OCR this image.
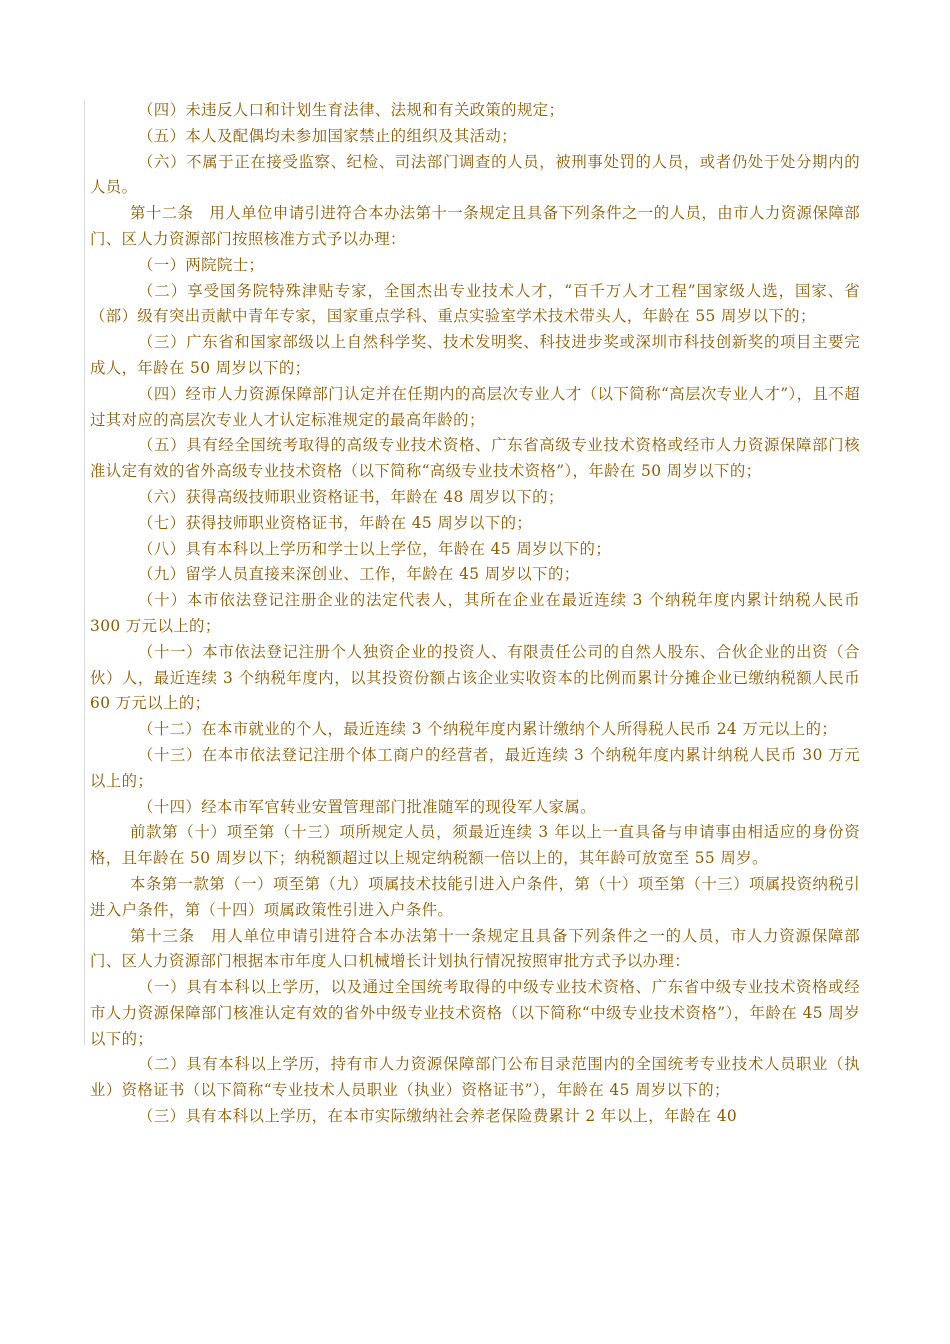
（四）未违反人口和计划生育法律、法规和有关政策的规定；

（五）本人及配偶均未参加国家禁止的组织及其活动；

（六）不属于正在接受监察、纪检、司法部门调查的人员，被刑事处罚的人员，或者仍处于处分期内的人员。

第十二条　用人单位申请引进符合本办法第十一条规定且具备下列条件之一的人员，由市人力资源保障部门、区人力资源部门按照核准方式予以办理：

（一）两院院士；

（二）享受国务院特殊津贴专家，全国杰出专业技术人才，“百千万人才工程”国家级人选，国家、省（部）级有突出贡献中青年专家，国家重点学科、重点实验室学术技术带头人，年龄在 55 周岁以下的；

（三）广东省和国家部级以上自然科学奖、技术发明奖、科技进步奖或深圳市科技创新奖的项目主要完成人，年龄在 50 周岁以下的；

（四）经市人力资源保障部门认定并在任期内的高层次专业人才（以下简称“高层次专业人才”），且不超过其对应的高层次专业人才认定标准规定的最高年龄的；

（五）具有经全国统考取得的高级专业技术资格、广东省高级专业技术资格或经市人力资源保障部门核准认定有效的省外高级专业技术资格（以下简称“高级专业技术资格”），年龄在 50 周岁以下的；

（六）获得高级技师职业资格证书，年龄在 48 周岁以下的；

（七）获得技师职业资格证书，年龄在 45 周岁以下的；

（八）具有本科以上学历和学士以上学位，年龄在 45 周岁以下的；

（九）留学人员直接来深创业、工作，年龄在 45 周岁以下的；

（十）本市依法登记注册企业的法定代表人，其所在企业在最近连续 3 个纳税年度内累计纳税人民币 300 万元以上的；

（十一）本市依法登记注册个人独资企业的投资人、有限责任公司的自然人股东、合伙企业的出资（合伙）人，最近连续 3 个纳税年度内，以其投资份额占该企业实收资本的比例而累计分摊企业已缴纳税额人民币 60 万元以上的；

（十二）在本市就业的个人，最近连续 3 个纳税年度内累计缴纳个人所得税人民币 24 万元以上的；

（十三）在本市依法登记注册个体工商户的经营者，最近连续 3 个纳税年度内累计纳税人民币 30 万元以上的；

（十四）经本市军官转业安置管理部门批准随军的现役军人家属。

前款第（十）项至第（十三）项所规定人员，须最近连续 3 年以上一直具备与申请事由相适应的身份资格，且年龄在 50 周岁以下；纳税额超过以上规定纳税额一倍以上的，其年龄可放宽至 55 周岁。

本条第一款第（一）项至第（九）项属技术技能引进入户条件，第（十）项至第（十三）项属投资纳税引进入户条件，第（十四）项属政策性引进入户条件。

第十三条　用人单位申请引进符合本办法第十一条规定且具备下列条件之一的人员，市人力资源保障部门、区人力资源部门根据本市年度人口机械增长计划执行情况按照审批方式予以办理：

（一）具有本科以上学历，以及通过全国统考取得的中级专业技术资格、广东省中级专业技术资格或经市人力资源保障部门核准认定有效的省外中级专业技术资格（以下简称“中级专业技术资格”），年龄在 45 周岁以下的；

（二）具有本科以上学历，持有市人力资源保障部门公布目录范围内的全国统考专业技术人员职业（执业）资格证书（以下简称“专业技术人员职业（执业）资格证书”），年龄在 45 周岁以下的；

（三）具有本科以上学历，在本市实际缴纳社会养老保险费累计 2 年以上，年龄在 40
